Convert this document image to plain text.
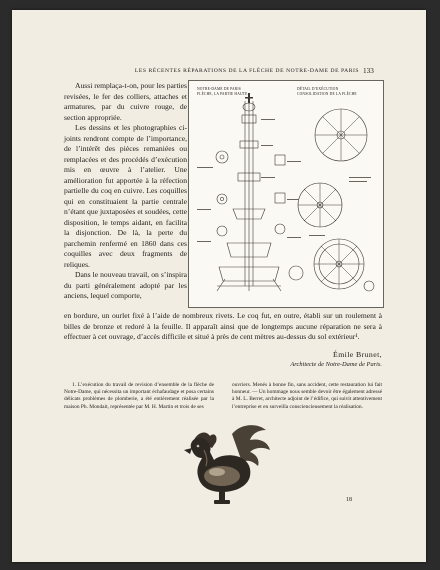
LES RÉCENTES RÉPARATIONS DE LA FLÈCHE DE NOTRE-DAME DE PARIS 133

Aussi remplaça-t-on, pour les parties revisées, le fer des colliers, attaches et armatures, par du cuivre rouge, de section appropriée.

Les dessins et les photographies ci-joints rendront compte de l’importance, de l’intérêt des pièces remaniées ou remplacées et des procédés d’exécution mis en œuvre à l’atelier. Une amélioration fut apportée à la réfection partielle du coq en cuivre. Les coquilles qui en constituaient la partie centrale n’étant que juxtaposées et soudées, cette disposition, le temps aidant, en facilita la disjonction. De là, la perte du parchemin renfermé en 1860 dans ces coquilles avec deux fragments de reliques.

Dans le nouveau travail, on s’inspira du parti généralement adopté par les anciens, lequel comporte,

NOTRE-DAME DE PARIS
FLÈCHE, LA PARTIE HAUTE
DÉTAIL D’EXÉCUTION
CONSOLIDATION DE LA FLÈCHE

en bordure, un ourlet fixé à l’aide de nombreux rivets. Le coq fut, en outre, établi sur un roulement à billes de bronze et redoré à la feuille. Il apparaît ainsi que de longtemps aucune réparation ne sera à effectuer à cet ouvrage, d’accès difficile et situé à près de cent mètres au-dessus du sol extérieur¹.

Émile Brunet,
Architecte de Notre-Dame de Paris.

1. L’exécution du travail de revision d’ensemble de la flèche de Notre-Dame, qui nécessita un important échafaudage et posa certains délicats problèmes de plomberie, a été entièrement réalisée par la maison Ph. Mondait, représentée par M. H. Martin et trois de ses

ouvriers. Menés à bonne fin, sans accident, cette restauration lui fait honneur. — Un hommage nous semble devoir être également adressé à M. L. Berret, architecte adjoint de l’édifice, qui suivit attentivement l’entreprise et en surveilla consciencieusement la réalisation.

18
